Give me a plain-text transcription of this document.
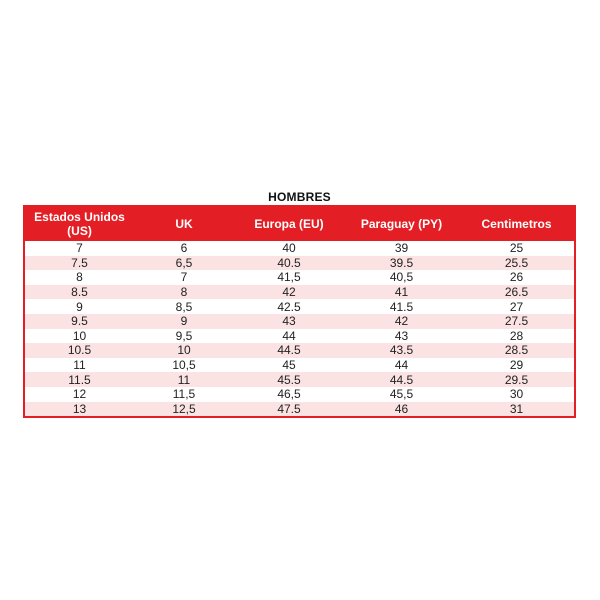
HOMBRES
Estados Unidos (US)	UK	Europa (EU)	Paraguay (PY)	Centimetros
7	6	40	39	25
7.5	6,5	40.5	39.5	25.5
8	7	41,5	40,5	26
8.5	8	42	41	26.5
9	8,5	42.5	41.5	27
9.5	9	43	42	27.5
10	9,5	44	43	28
10.5	10	44.5	43.5	28.5
11	10,5	45	44	29
11.5	11	45.5	44.5	29.5
12	11,5	46,5	45,5	30
13	12,5	47.5	46	31
